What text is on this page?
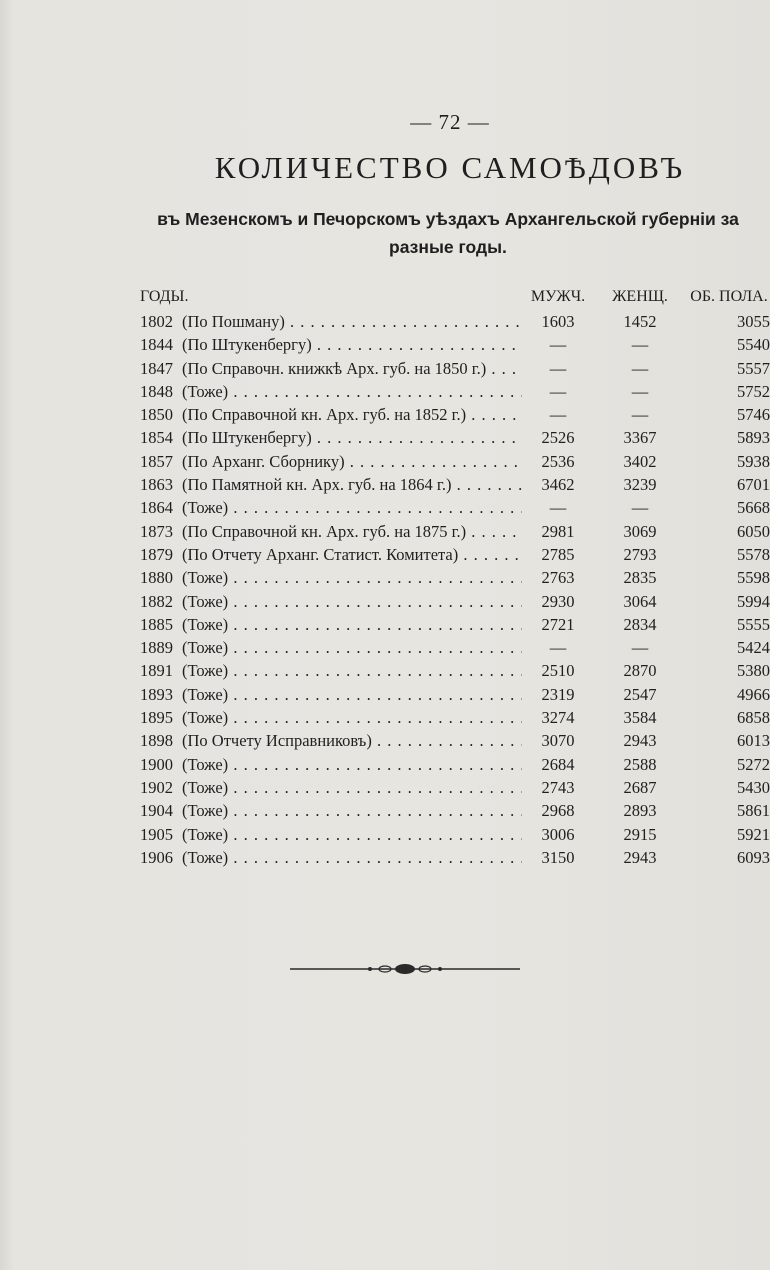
— 72 —
КОЛИЧЕСТВО САМОѢДОВЪ
въ Мезенскомъ и Печорскомъ уѣздахъ Архангельской губерніи за разные годы.
ГОДЫ.	МУЖЧ.	ЖЕНЩ.	ОБ. ПОЛА.
1802 (По Пошману) . . .	1603	1452	3055
1844 (По Штукенбергу) . . .	—	—	5540
1847 (По Справочн. книжкѣ Арх. губ. на 1850 г.) . . .	—	—	5557
1848 (Тоже) . . .	—	—	5752
1850 (По Справочной кн. Арх. губ. на 1852 г.) . . .	—	—	5746
1854 (По Штукенбергу) . . .	2526	3367	5893
1857 (По Арханг. Сборнику) . . .	2536	3402	5938
1863 (По Памятной кн. Арх. губ. на 1864 г.) . . .	3462	3239	6701
1864 (Тоже) . . .	—	—	5668
1873 (По Справочной кн. Арх. губ. на 1875 г.) . . .	2981	3069	6050
1879 (По Отчету Арханг. Статист. Комитета) . . .	2785	2793	5578
1880 (Тоже) . . .	2763	2835	5598
1882 (Тоже) . . .	2930	3064	5994
1885 (Тоже) . . .	2721	2834	5555
1889 (Тоже) . . .	—	—	5424
1891 (Тоже) . . .	2510	2870	5380
1893 (Тоже) . . .	2319	2547	4966
1895 (Тоже) . . .	3274	3584	6858
1898 (По Отчету Исправниковъ) . . .	3070	2943	6013
1900 (Тоже) . . .	2684	2588	5272
1902 (Тоже) . . .	2743	2687	5430
1904 (Тоже) . . .	2968	2893	5861
1905 (Тоже) . . .	3006	2915	5921
1906 (Тоже) . . .	3150	2943	6093
